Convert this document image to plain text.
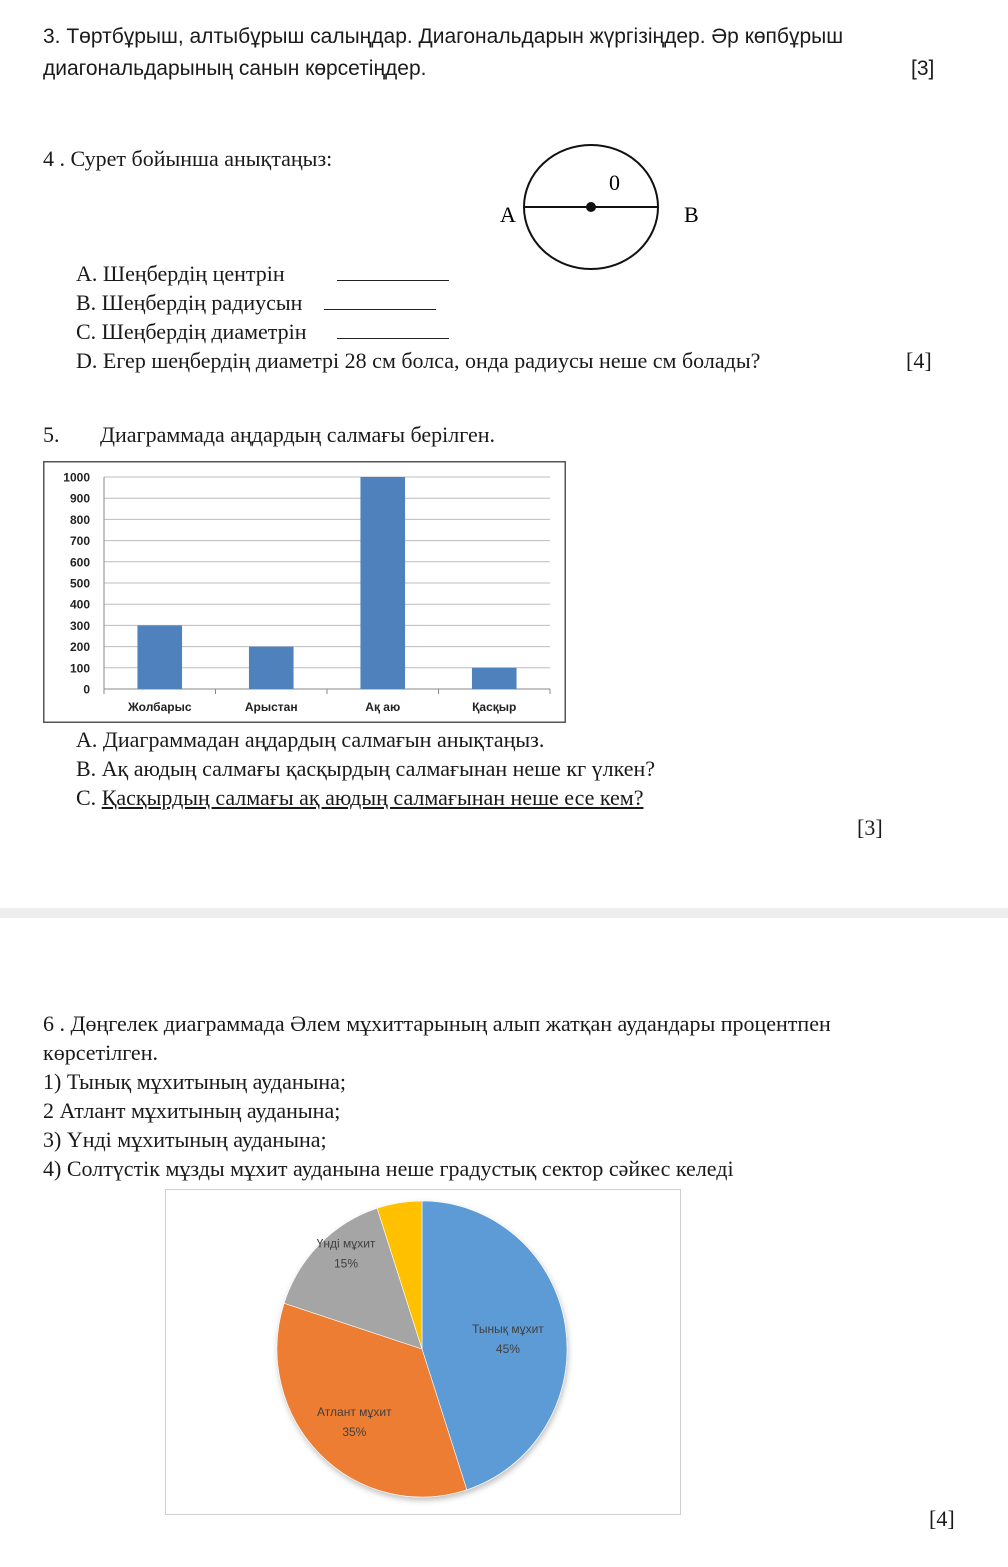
3. Төртбұрыш, алтыбұрыш салыңдар. Диагональдарын жүргізіңдер. Әр көпбұрыш
диагональдарының санын көрсетіңдер.	[3]
4 . Сурет бойынша анықтаңыз:
0
A	B
A. Шеңбердің центрін
B. Шеңбердің радиусын
C. Шеңбердің диаметрін
D. Егер шеңбердің диаметрі 28 см болса, онда радиусы неше см болады?	[4]
5. Диаграммада аңдардың салмағы берілген.
0
100
200
300
400
500
600
700
800
900
1000
Жолбарыс	Арыстан	Ақ аю	Қасқыр
A. Диаграммадан аңдардың салмағын анықтаңыз.
B. Ақ аюдың салмағы қасқырдың салмағынан неше кг үлкен?
C. Қасқырдың салмағы ақ аюдың салмағынан неше есе кем?
[3]
6 . Дөңгелек диаграммада Әлем мұхиттарының алып жатқан аудандары процентпен
көрсетілген.
1) Тынық мұхитының ауданына;
2 Атлант мұхитының ауданына;
3) Үнді мұхитының ауданына;
4) Солтүстік мұзды мұхит ауданына неше градустық сектор сәйкес келеді
Тынық мұхит
45%
Атлант мұхит
35%
Үнді мұхит
15%
[4]
